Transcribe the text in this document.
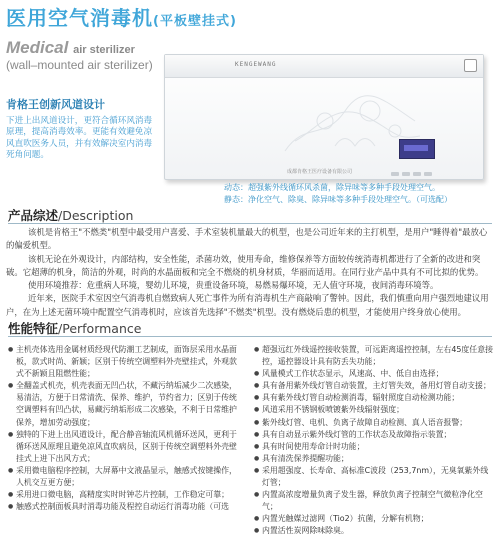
医用空气消毒机(平板壁挂式)
Medical air sterilizer
(wall–mounted air sterilizer)
肯格王创新风道设计
下进上出风道设计，更符合循环风消毒原理，提高消毒效率。更能有效避免凉风直吹医务人员，并有效解决室内消毒死角问题。
KENGEWANG
成都肯格王医疗设备有限公司
动态：超强紫外线循环风杀菌，除异味等多种手段处理空气。
静态：净化空气、除臭、除异味等多种手段处理空气。（可选配）
产品综述/Description

该机是肯格王"不燃类"机型中最受用户喜爱、手术室装机量最大的机型，也是公司近年来的主打机型，是用户"睡得着"最放心的偏爱机型。

该机无论在外观设计，内部结构，安全性能，杀菌功效，使用寿命，维修保养等方面较传统消毒机都进行了全新的改进和突破。它超薄的机身，简洁的外观，时尚的水晶面板和完全不燃烧的机身材质，华丽而适用。在同行业产品中具有不可比拟的优势。

使用环境推荐：危重病人环境，婴幼儿环境，贵重设备环境，易燃易爆环境，无人值守环境，夜间消毒环境等。

近年来，医院手术室因空气消毒机自燃致病人死亡事件为所有消毒机生产商敲响了警钟。因此，我们慎重向用户强烈地建议用户，在为上述无菌环境中配置空气消毒机时，应该首先选择"不燃类"机型。没有燃烧后患的机型，才能使用户终身放心使用。

性能特征/Performance
● 主机壳体选用金属材质经现代防潮工艺制成，面饰层采用水晶面板，款式时尚、新颖；区别于传统空调塑料外壳壁挂式，外观款式不新颖且阻燃性能；
● 全翻盖式机壳，机壳表面无凹凸状，不藏污纳垢减少二次感染，易清洁，方便于日常清洗、保养、维护，节约省力；区别于传统空调塑料有凹凸状，易藏污纳垢形成二次感染，不利于日常维护保养，增加劳动强度；
● 独特的下进上出风道设计，配合静音轴流风机循环送风，更利于循环送风原理且避免凉风直吹病员，区别于传统空调塑料外壳壁挂式上进下出风方式；
● 采用微电脑程序控制，大屏幕中文液晶显示，触感式按键操作，人机交互更方便；
● 采用进口微电脑，高精度实时时钟芯片控制，工作稳定可靠；
● 触感式控制面板具时消毒功能及程控自动运行消毒功能（可选
● 超强远红外线遥控接收装置，可远距离遥控控制，左右45度任意接控，遥控器设计具有防丢失功能；
● 风量模式工作状态显示，风速高、中、低自由选择；
● 具有备用紫外线灯管自动装置，主灯管失效，备用灯管自动支援；
● 具有紫外线灯管自动检测消毒，辐射照度自动检测功能；
● 风道采用不锈钢板喷镀紫外线辐射强度；
● 紫外线灯管、电机、负离子故障自动检测、真人语音报警；
● 具有自动显示紫外线灯管的工作状态及故障指示装置；
● 具有时间使用寿命计时功能；
● 具有清洗保养提醒功能；
● 采用超强度、长寿命、高标准C波段（253,7nm），无臭氧紫外线灯管；
● 内置高浓度增量负离子发生器，释放负离子控制空气微粒净化空气；
● 内置光触媒过滤网（Tio2）抗菌，分解有机物；
● 内置活性炭网除味除臭。
